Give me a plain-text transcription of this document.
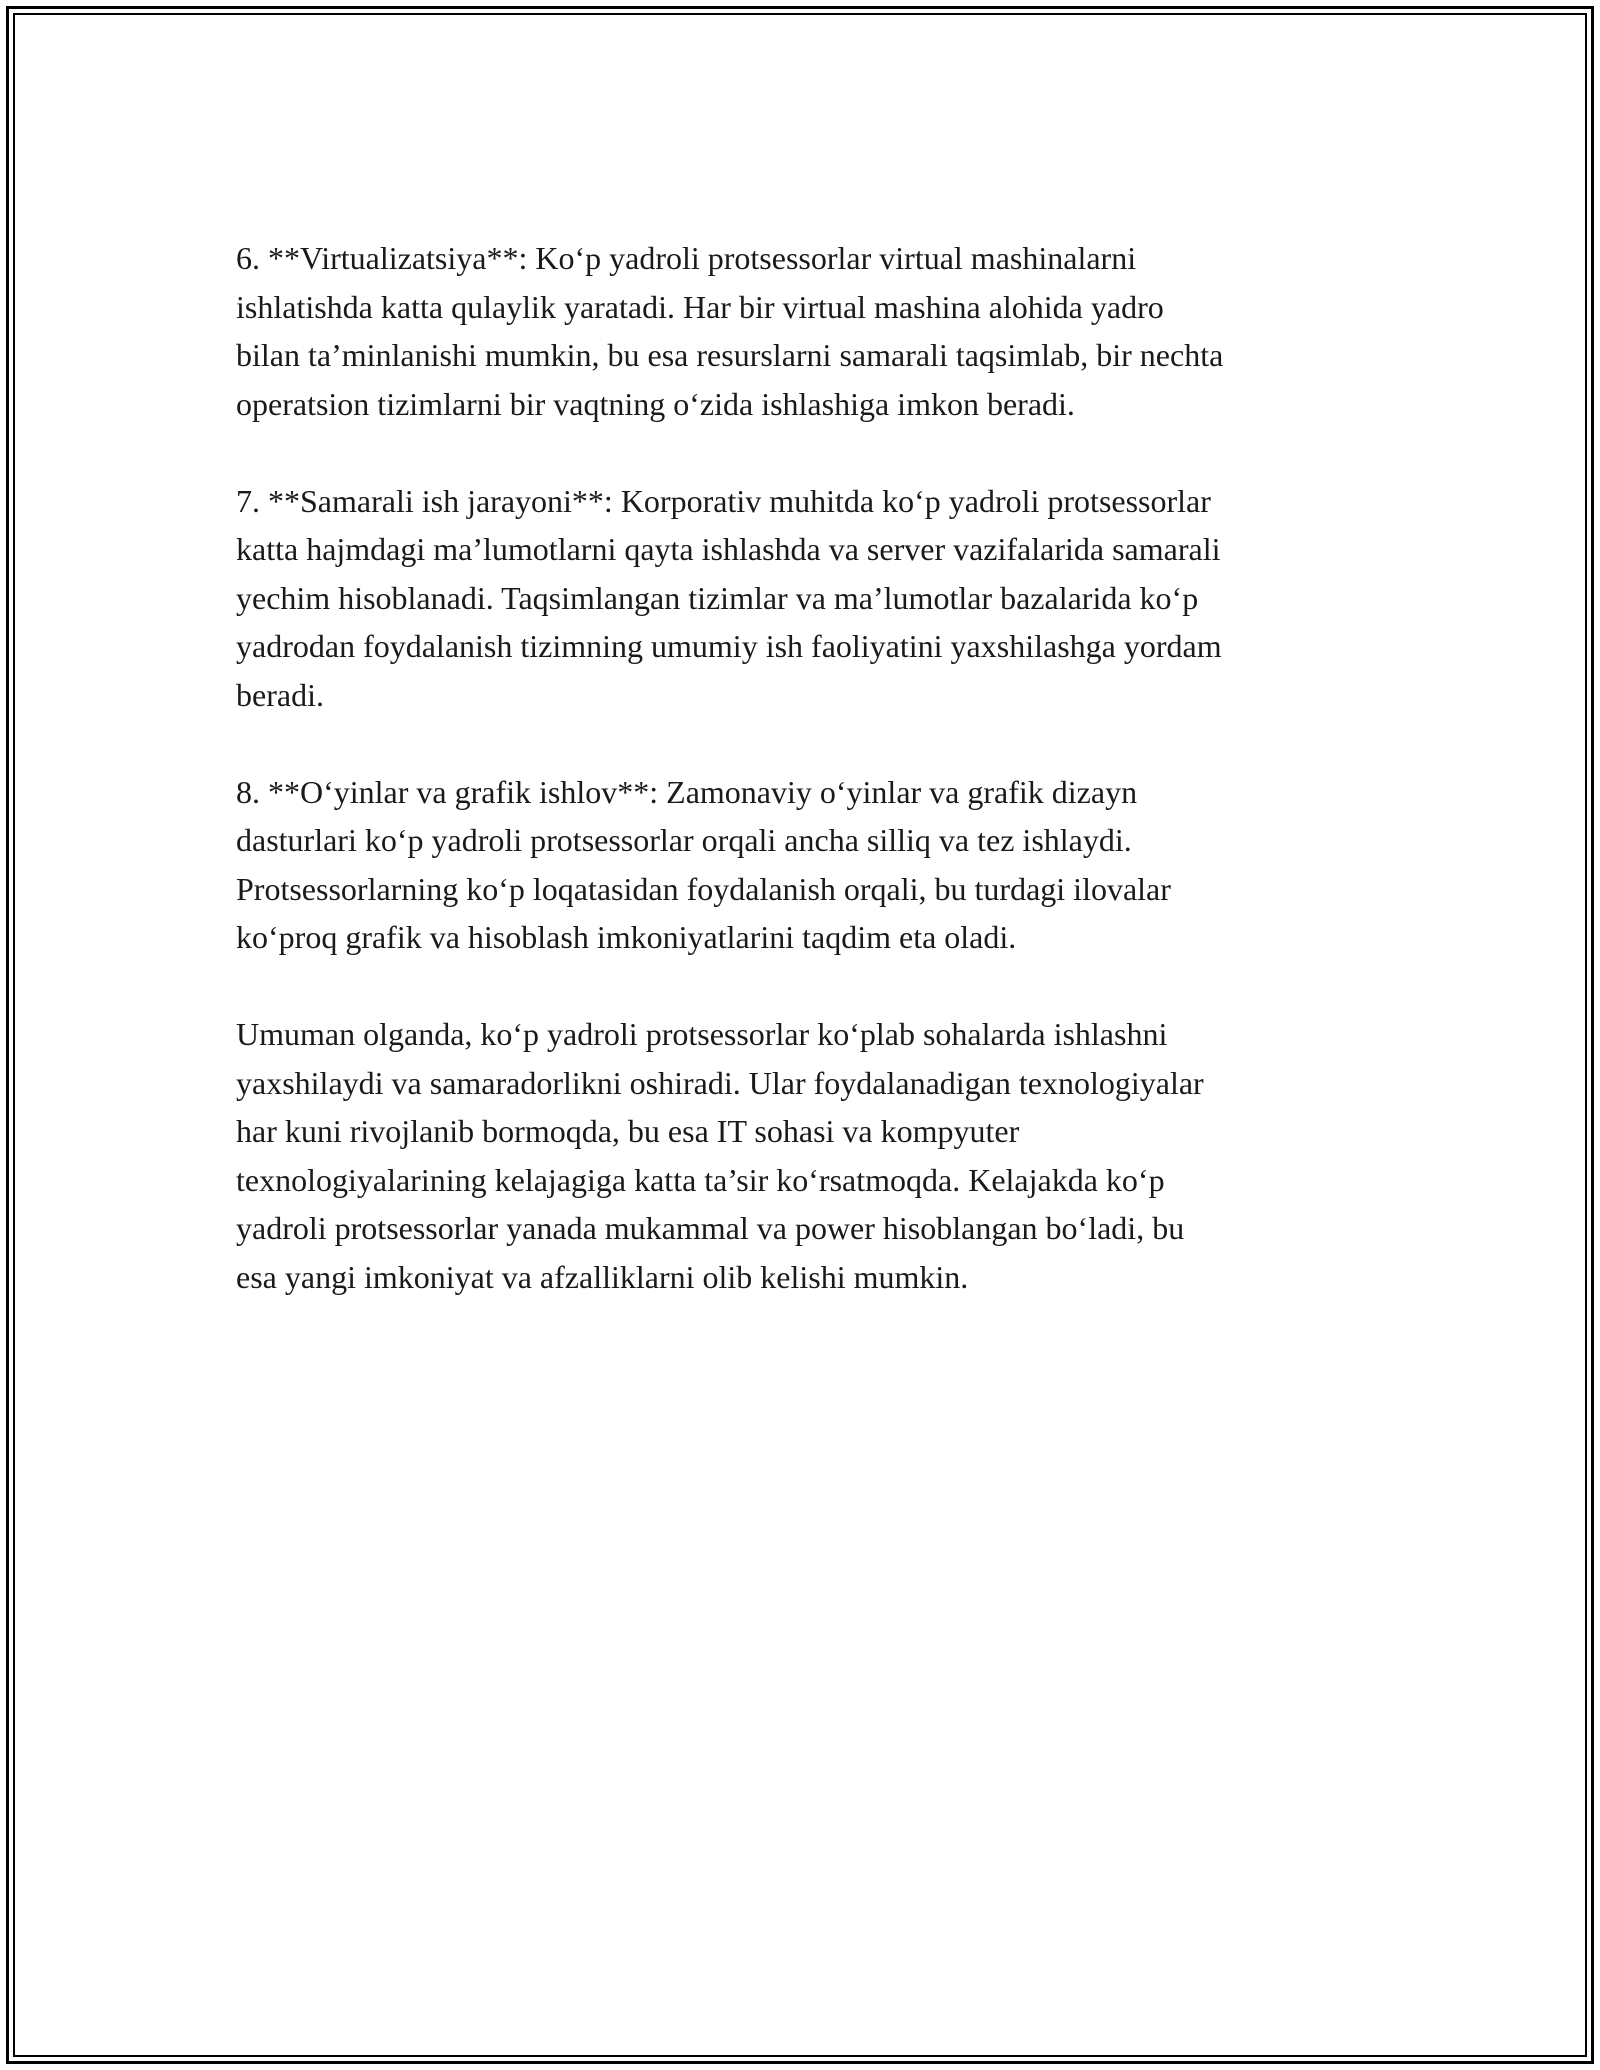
6. **Virtualizatsiya**: Ko‘p yadroli protsessorlar virtual mashinalarni
ishlatishda katta qulaylik yaratadi. Har bir virtual mashina alohida yadro
bilan ta’minlanishi mumkin, bu esa resurslarni samarali taqsimlab, bir nechta
operatsion tizimlarni bir vaqtning o‘zida ishlashiga imkon beradi.

7. **Samarali ish jarayoni**: Korporativ muhitda ko‘p yadroli protsessorlar
katta hajmdagi ma’lumotlarni qayta ishlashda va server vazifalarida samarali
yechim hisoblanadi. Taqsimlangan tizimlar va ma’lumotlar bazalarida ko‘p
yadrodan foydalanish tizimning umumiy ish faoliyatini yaxshilashga yordam
beradi.

8. **O‘yinlar va grafik ishlov**: Zamonaviy o‘yinlar va grafik dizayn
dasturlari ko‘p yadroli protsessorlar orqali ancha silliq va tez ishlaydi.
Protsessorlarning ko‘p loqatasidan foydalanish orqali, bu turdagi ilovalar
ko‘proq grafik va hisoblash imkoniyatlarini taqdim eta oladi.

Umuman olganda, ko‘p yadroli protsessorlar ko‘plab sohalarda ishlashni
yaxshilaydi va samaradorlikni oshiradi. Ular foydalanadigan texnologiyalar
har kuni rivojlanib bormoqda, bu esa IT sohasi va kompyuter
texnologiyalarining kelajagiga katta ta’sir ko‘rsatmoqda. Kelajakda ko‘p
yadroli protsessorlar yanada mukammal va power hisoblangan bo‘ladi, bu
esa yangi imkoniyat va afzalliklarni olib kelishi mumkin.
